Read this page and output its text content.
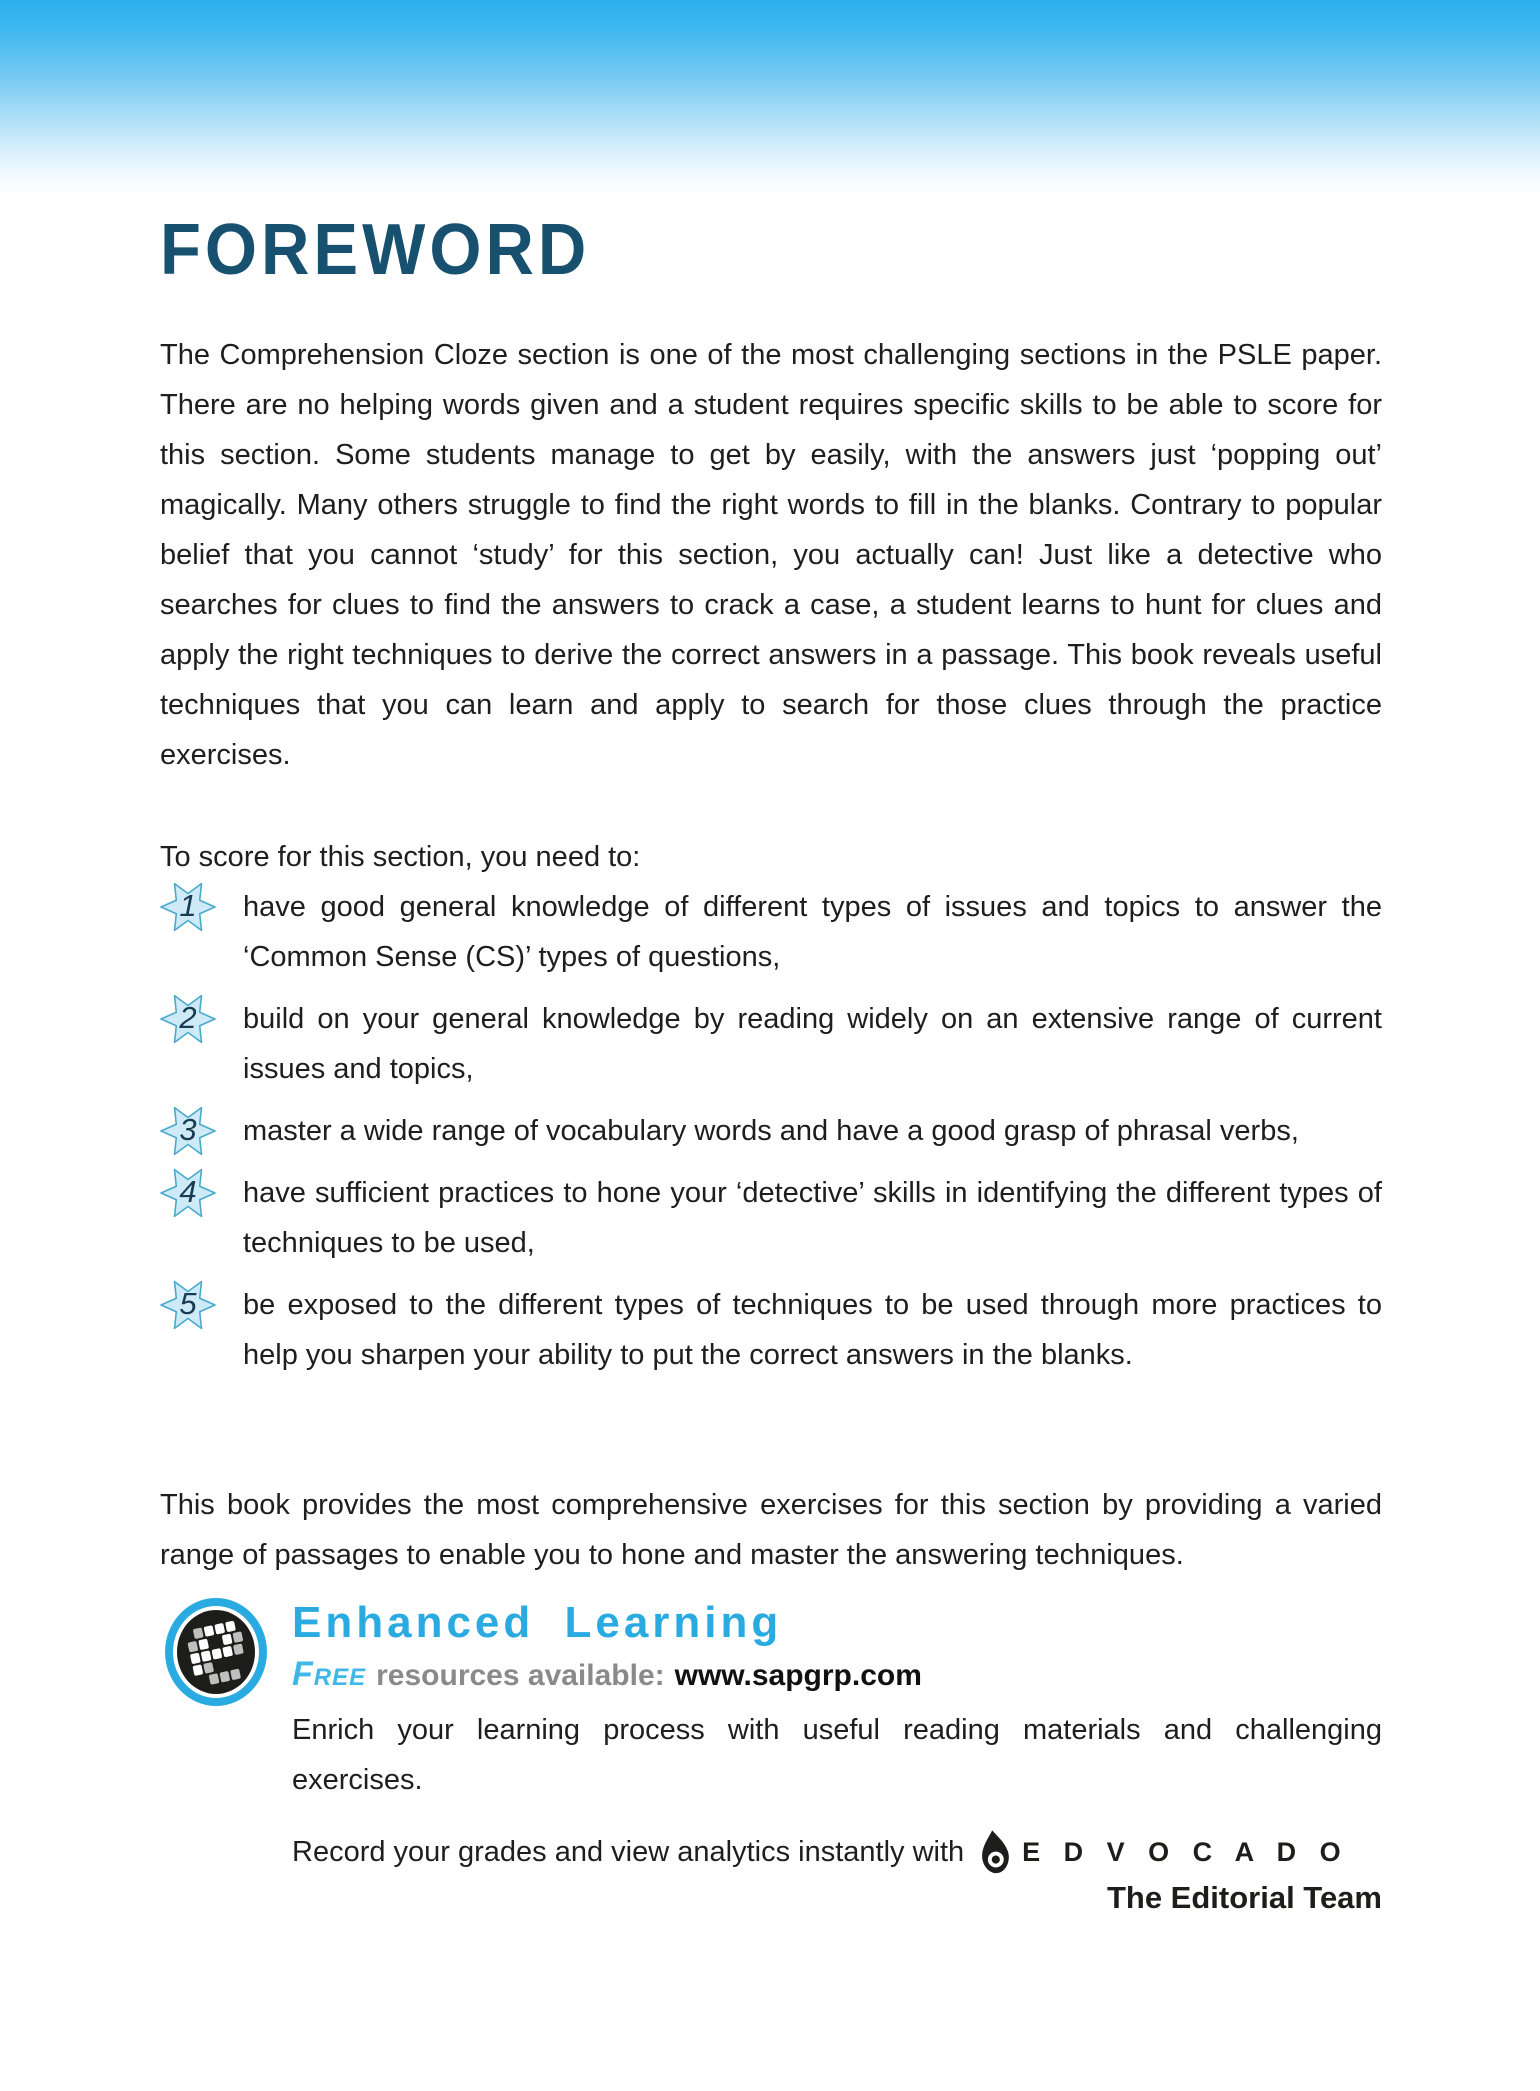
FOREWORD

The Comprehension Cloze section is one of the most challenging sections in the PSLE paper. There are no helping words given and a student requires specific skills to be able to score for this section. Some students manage to get by easily, with the answers just ‘popping out’ magically. Many others struggle to find the right words to fill in the blanks. Contrary to popular belief that you cannot ‘study’ for this section, you actually can! Just like a detective who searches for clues to find the answers to crack a case, a student learns to hunt for clues and apply the right techniques to derive the correct answers in a passage. This book reveals useful techniques that you can learn and apply to search for those clues through the practice exercises.

To score for this section, you need to:

1	have good general knowledge of different types of issues and topics to answer the ‘Common Sense (CS)’ types of questions,
2	build on your general knowledge by reading widely on an extensive range of current issues and topics,
3	master a wide range of vocabulary words and have a good grasp of phrasal verbs,
4	have sufficient practices to hone your ‘detective’ skills in identifying the different types of techniques to be used,
5	be exposed to the different types of techniques to be used through more practices to help you sharpen your ability to put the correct answers in the blanks.

This book provides the most comprehensive exercises for this section by providing a varied range of passages to enable you to hone and master the answering techniques.

Enhanced Learning
Free resources available: www.sapgrp.com

Enrich your learning process with useful reading materials and challenging exercises.

Record your grades and view analytics instantly with E D V O C A D O
The Editorial Team
